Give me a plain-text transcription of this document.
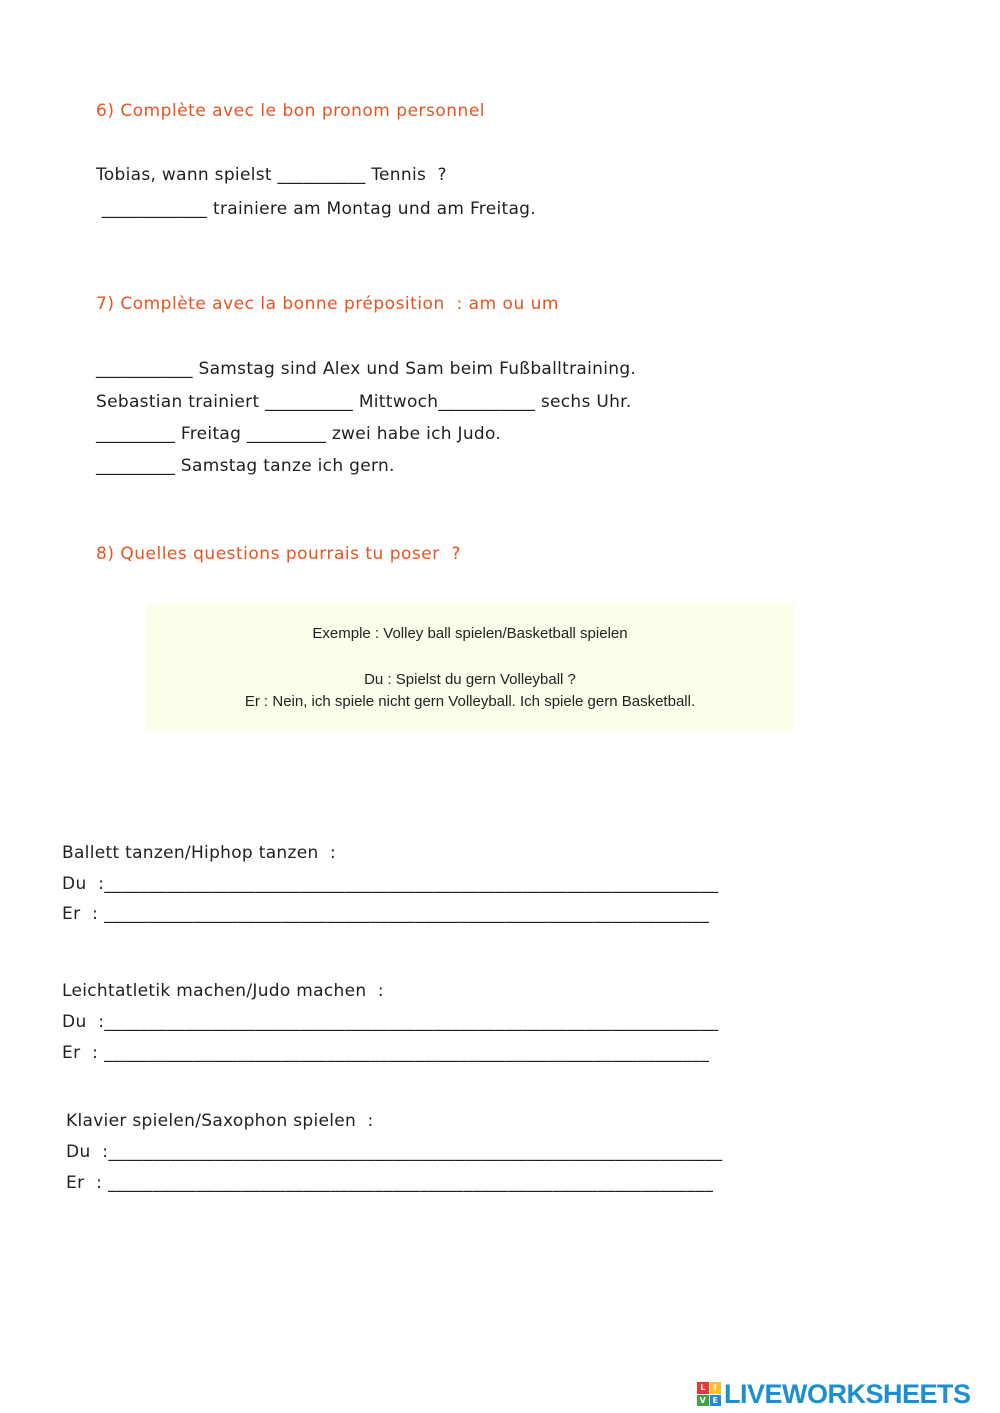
6) Complète avec le bon pronom personnel
Tobias, wann spielst __________ Tennis  ?
____________ trainiere am Montag und am Freitag.
7) Complète avec la bonne préposition  : am ou um
___________ Samstag sind Alex und Sam beim Fußballtraining.
Sebastian trainiert __________ Mittwoch___________ sechs Uhr.
_________ Freitag _________ zwei habe ich Judo.
_________ Samstag tanze ich gern.
8) Quelles questions pourrais tu poser  ?
Exemple : Volley ball spielen/Basketball spielen
Du : Spielst du gern Volleyball ?
Er : Nein, ich spiele nicht gern Volleyball. Ich spiele gern Basketball.
Ballett tanzen/Hiphop tanzen  :
Du  :_____________________________________________________________________
Er  : ____________________________________________________________________
Leichtatletik machen/Judo machen  :
Du  :_____________________________________________________________________
Er  : ____________________________________________________________________
Klavier spielen/Saxophon spielen  :
Du  :_____________________________________________________________________
Er  : ____________________________________________________________________
L	I
V E LIVEWORKSHEETS
